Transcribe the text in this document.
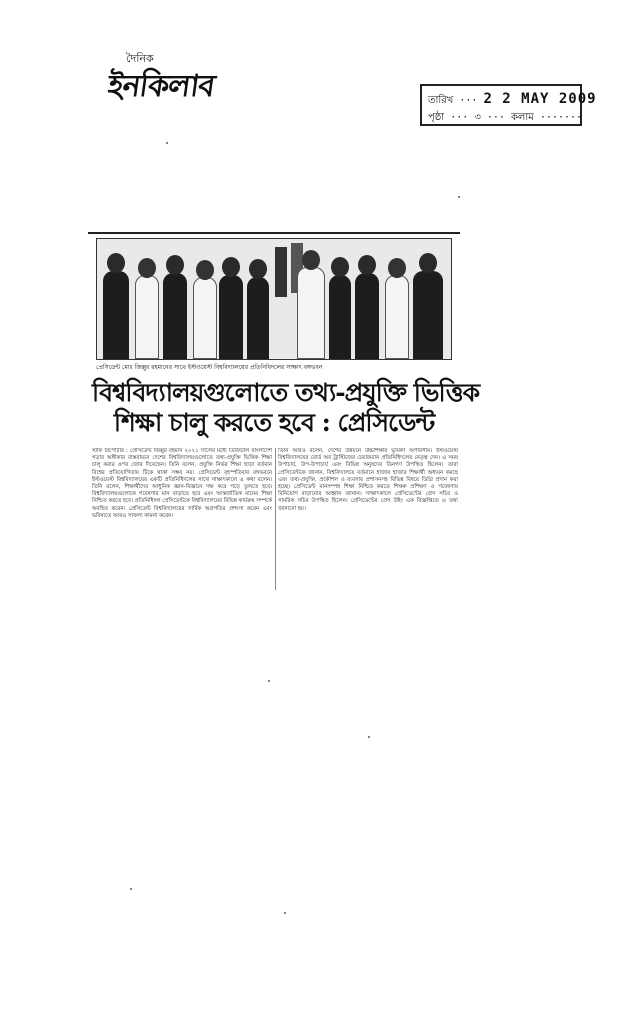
দৈনিক
ইনকিলাব	তারিখ ··· 2 2 MAY 2009
পৃষ্ঠা ··· ৩ ··· কলাম ·······
প্রেসিডেন্ট মোঃ জিল্লুর রহমানের সাথে ইস্টওয়েস্ট বিশ্ববিদ্যালয়ের প্রতিনিধিদলের সাক্ষাৎ বঙ্গভবন
বিশ্ববিদ্যালয়গুলোতে তথ্য-প্রযুক্তি ভিত্তিক
শিক্ষা চালু করতে হবে : প্রেসিডেন্ট
স্টাফ রিপোর্টার : প্রেসিডেন্ট জিল্লুর রহমান ২০২১ সালের মধ্যে ডিজিটাল বাংলাদেশ গড়ার অঙ্গীকার বাস্তবায়নে দেশের বিশ্ববিদ্যালয়গুলোতে তথ্য-প্রযুক্তি ভিত্তিক শিক্ষা চালু করার ওপর জোর দিয়েছেন। তিনি বলেন, প্রযুক্তি নির্ভর শিক্ষা ছাড়া বর্তমান বিশ্বের প্রতিযোগিতায় টিকে থাকা সম্ভব নয়। প্রেসিডেন্ট বৃহস্পতিবার বঙ্গভবনে ইস্টওয়েস্ট বিশ্ববিদ্যালয়ের একটি প্রতিনিধিদলের সাথে সাক্ষাৎকালে এ কথা বলেন। তিনি বলেন, শিক্ষার্থীদের আধুনিক জ্ঞান-বিজ্ঞানে দক্ষ করে গড়ে তুলতে হবে। বিশ্ববিদ্যালয়গুলোকে গবেষণার মান বাড়াতে হবে এবং আন্তর্জাতিক মানের শিক্ষা নিশ্চিত করতে হবে। প্রতিনিধিদল প্রেসিডেন্টকে বিশ্ববিদ্যালয়ের বিভিন্ন কার্যক্রম সম্পর্কে অবহিত করেন। প্রেসিডেন্ট বিশ্ববিদ্যালয়ের সার্বিক অগ্রগতির প্রশংসা করেন এবং ভবিষ্যতে আরও সাফল্য কামনা করেন।
তিনি আরও বলেন, দেশের উন্নয়নে উচ্চশিক্ষার ভূমিকা অপরিসীম। ইস্টওয়েস্ট বিশ্ববিদ্যালয়ের বোর্ড অব ট্রাস্টিজের চেয়ারম্যান প্রতিনিধিদলের নেতৃত্ব দেন। এ সময় উপাচার্য, উপ-উপাচার্য এবং বিভিন্ন অনুষদের ডিনগণ উপস্থিত ছিলেন। তারা প্রেসিডেন্টকে জানান, বিশ্ববিদ্যালয়ে বর্তমানে হাজার হাজার শিক্ষার্থী অধ্যয়ন করছে এবং তথ্য-প্রযুক্তি, প্রকৌশল ও ব্যবসায় প্রশাসনসহ বিভিন্ন বিষয়ে ডিগ্রি প্রদান করা হচ্ছে। প্রেসিডেন্ট মানসম্পন্ন শিক্ষা নিশ্চিত করতে শিক্ষক প্রশিক্ষণ ও গবেষণায় বিনিয়োগ বাড়ানোর আহ্বান জানান। সাক্ষাৎকালে প্রেসিডেন্টের প্রেস সচিব ও সামরিক সচিব উপস্থিত ছিলেন। প্রেসিডেন্টের প্রেস উইং এক বিজ্ঞপ্তিতে এ তথ্য জানানো হয়।
